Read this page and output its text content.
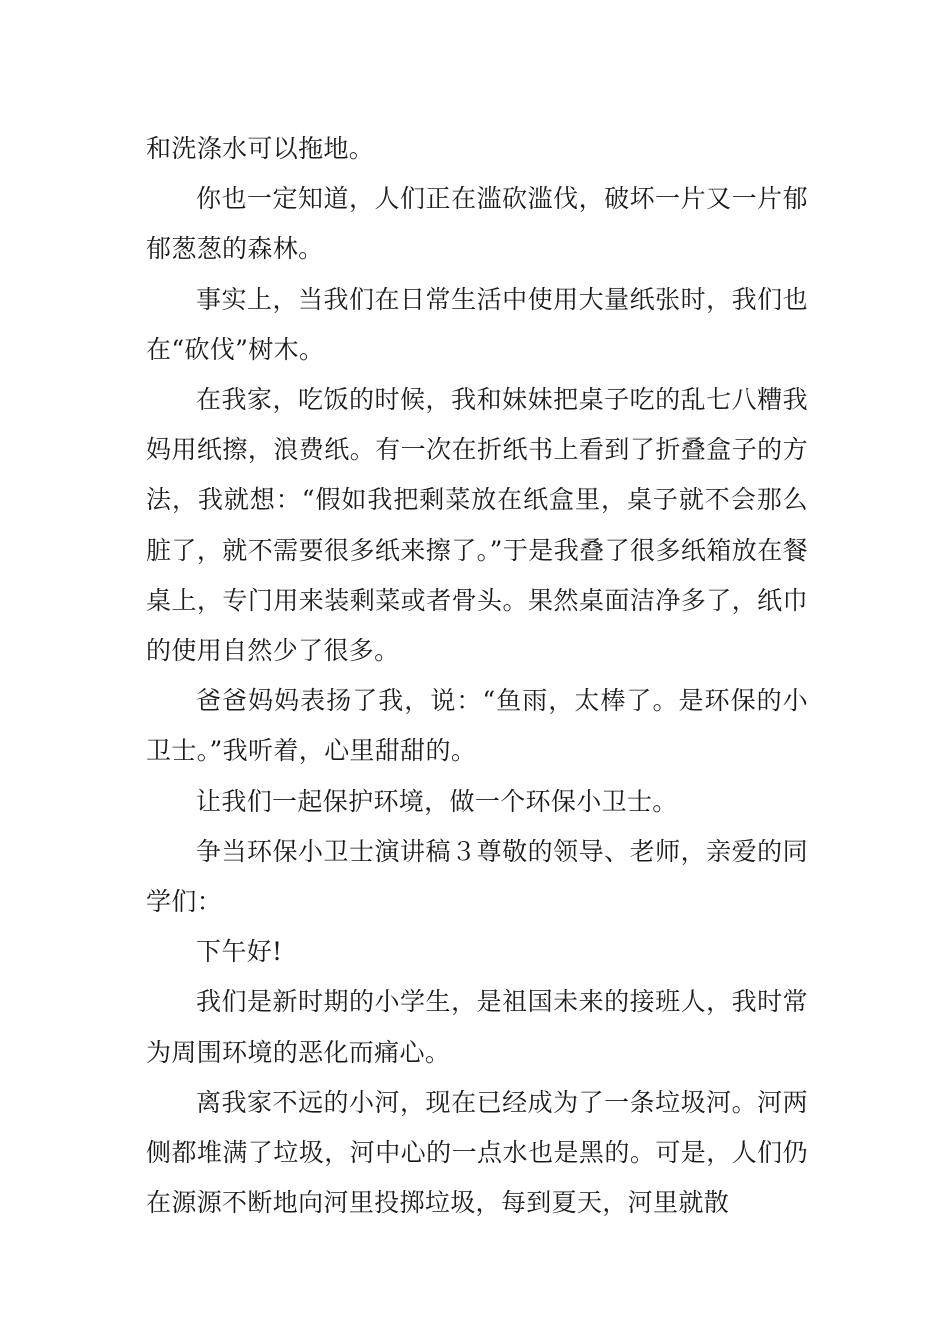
和洗涤水可以拖地。

你也一定知道，人们正在滥砍滥伐，破坏一片又一片郁郁葱葱的森林。

事实上，当我们在日常生活中使用大量纸张时，我们也在“砍伐”树木。

在我家，吃饭的时候，我和妹妹把桌子吃的乱七八糟我妈用纸擦，浪费纸。有一次在折纸书上看到了折叠盒子的方法，我就想：“假如我把剩菜放在纸盒里，桌子就不会那么脏了，就不需要很多纸来擦了。”于是我叠了很多纸箱放在餐桌上，专门用来装剩菜或者骨头。果然桌面洁净多了，纸巾的使用自然少了很多。

爸爸妈妈表扬了我，说：“鱼雨，太棒了。是环保的小卫士。”我听着，心里甜甜的。

让我们一起保护环境，做一个环保小卫士。

争当环保小卫士演讲稿３尊敬的领导、老师，亲爱的同学们：

下午好!

我们是新时期的小学生，是祖国未来的接班人，我时常为周围环境的恶化而痛心。

离我家不远的小河，现在已经成为了一条垃圾河。河两侧都堆满了垃圾，河中心的一点水也是黑的。可是，人们仍在源源不断地向河里投掷垃圾，每到夏天，河里就散
